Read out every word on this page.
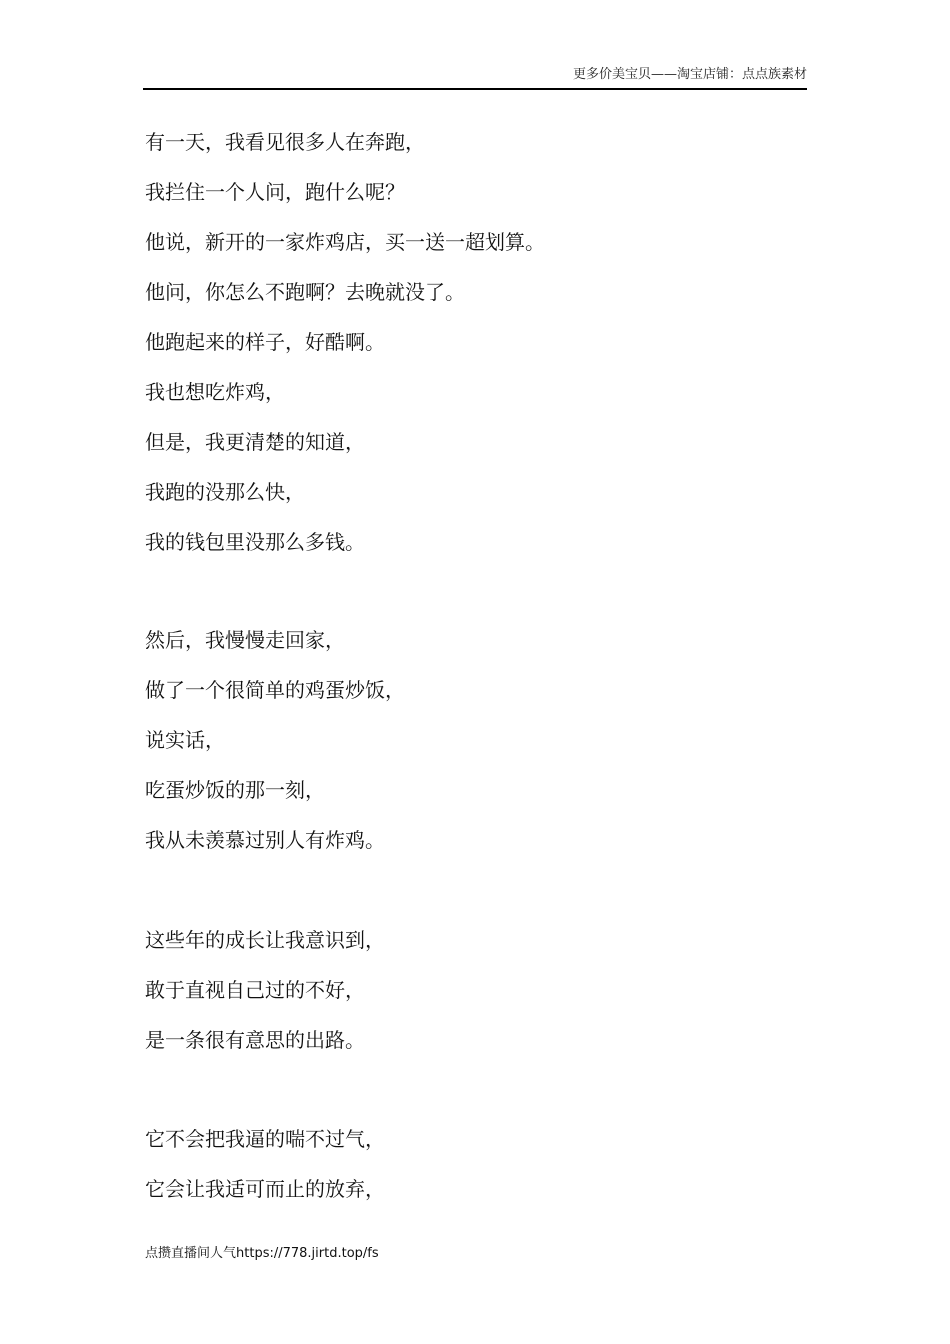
更多价美宝贝——淘宝店铺：点点族素材
有一天，我看见很多人在奔跑，
我拦住一个人问，跑什么呢？
他说，新开的一家炸鸡店，买一送一超划算。
他问，你怎么不跑啊？去晚就没了。
他跑起来的样子，好酷啊。
我也想吃炸鸡，
但是，我更清楚的知道，
我跑的没那么快，
我的钱包里没那么多钱。
然后，我慢慢走回家，
做了一个很简单的鸡蛋炒饭，
说实话，
吃蛋炒饭的那一刻，
我从未羡慕过别人有炸鸡。
这些年的成长让我意识到，
敢于直视自己过的不好，
是一条很有意思的出路。
它不会把我逼的喘不过气，
它会让我适可而止的放弃，
点攒直播间人气https://778.jirtd.top/fs
